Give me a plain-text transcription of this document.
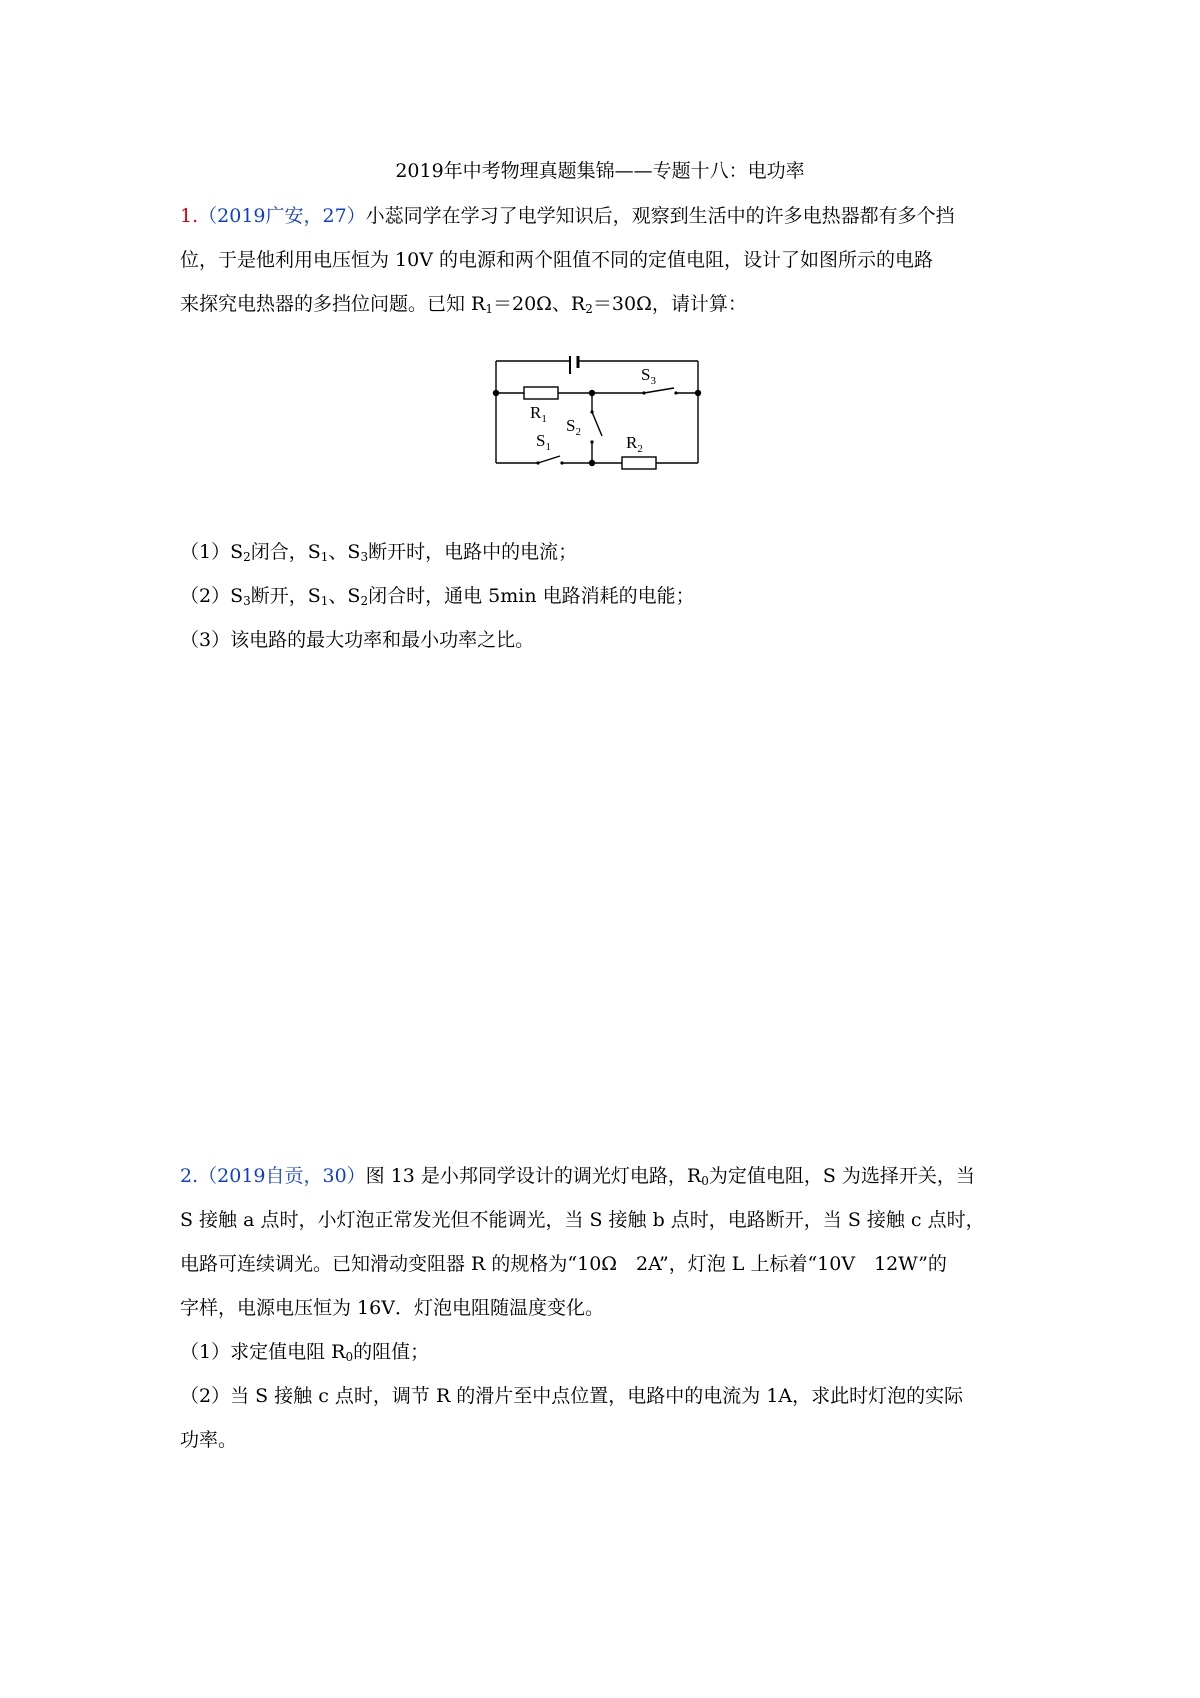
2019年中考物理真题集锦——专题十八：电功率

1.（2019广安，27）小蕊同学在学习了电学知识后，观察到生活中的许多电热器都有多个挡

位，于是他利用电压恒为 10V 的电源和两个阻值不同的定值电阻，设计了如图所示的电路

来探究电热器的多挡位问题。已知 $R_1=20\Omega$、$R_2=30\Omega$，请计算：

$R_1$
$R_2$
$S_3$
$S_2$
$S_1$

$(1)S_2$闭合，$S_1$、$S_3$断开时，电路中的电流；

$(2)S_3$断开，$S_1$、$S_2$闭合时，通电 5min 电路消耗的电能；

（3）该电路的最大功率和最小功率之比。

2.（2019自贡，30）图 13 是小邦同学设计的调光灯电路，$R_0$为定值电阻，S 为选择开关，当

S 接触 a 点时，小灯泡正常发光但不能调光，当 S 接触 b 点时，电路断开，当 S 接触 c 点时，

电路可连续调光。已知滑动变阻器 R 的规格为“10Ω　2A”，灯泡 L 上标着“10V　12W”的

字样，电源电压恒为 16V．灯泡电阻随温度变化。

（1）求定值电阻 $R_0$的阻值；

（2）当 S 接触 c 点时，调节 R 的滑片至中点位置，电路中的电流为 1A，求此时灯泡的实际

功率。
